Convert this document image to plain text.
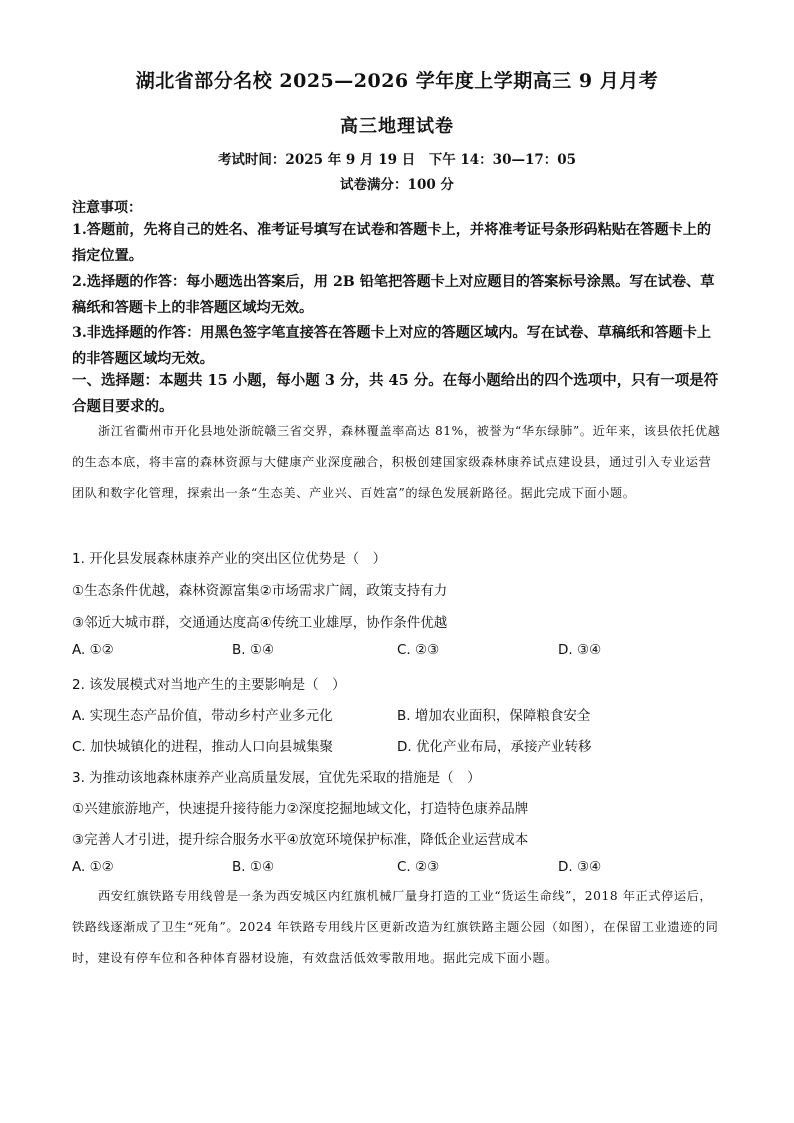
湖北省部分名校 2025—2026 学年度上学期高三 9 月月考
高三地理试卷
考试时间：2025 年 9 月 19 日　下午 14：30—17：05
试卷满分：100 分
注意事项：
1.答题前，先将自己的姓名、准考证号填写在试卷和答题卡上，并将准考证号条形码粘贴在答题卡上的指定位置。
2.选择题的作答：每小题选出答案后，用 2B 铅笔把答题卡上对应题目的答案标号涂黑。写在试卷、草稿纸和答题卡上的非答题区域均无效。
3.非选择题的作答：用黑色签字笔直接答在答题卡上对应的答题区域内。写在试卷、草稿纸和答题卡上的非答题区域均无效。
一、选择题：本题共 15 小题，每小题 3 分，共 45 分。在每小题给出的四个选项中，只有一项是符合题目要求的。
浙江省衢州市开化县地处浙皖赣三省交界，森林覆盖率高达 81%，被誉为“华东绿肺”。近年来，该县依托优越的生态本底，将丰富的森林资源与大健康产业深度融合，积极创建国家级森林康养试点建设县，通过引入专业运营团队和数字化管理，探索出一条“生态美、产业兴、百姓富”的绿色发展新路径。据此完成下面小题。
1. 开化县发展森林康养产业的突出区位优势是（　）
①生态条件优越，森林资源富集②市场需求广阔，政策支持有力
③邻近大城市群，交通通达度高④传统工业雄厚，协作条件优越
A. ①②	B. ①④	C. ②③	D. ③④
2. 该发展模式对当地产生的主要影响是（　）
A. 实现生态产品价值，带动乡村产业多元化	B. 增加农业面积，保障粮食安全
C. 加快城镇化的进程，推动人口向县城集聚	D. 优化产业布局，承接产业转移
3. 为推动该地森林康养产业高质量发展，宜优先采取的措施是（　）
①兴建旅游地产，快速提升接待能力②深度挖掘地域文化，打造特色康养品牌
③完善人才引进，提升综合服务水平④放宽环境保护标准，降低企业运营成本
A. ①②	B. ①④	C. ②③	D. ③④
西安红旗铁路专用线曾是一条为西安城区内红旗机械厂量身打造的工业“货运生命线”，2018 年正式停运后，铁路线逐渐成了卫生“死角”。2024 年铁路专用线片区更新改造为红旗铁路主题公园（如图），在保留工业遗迹的同时，建设有停车位和各种体育器材设施，有效盘活低效零散用地。据此完成下面小题。
